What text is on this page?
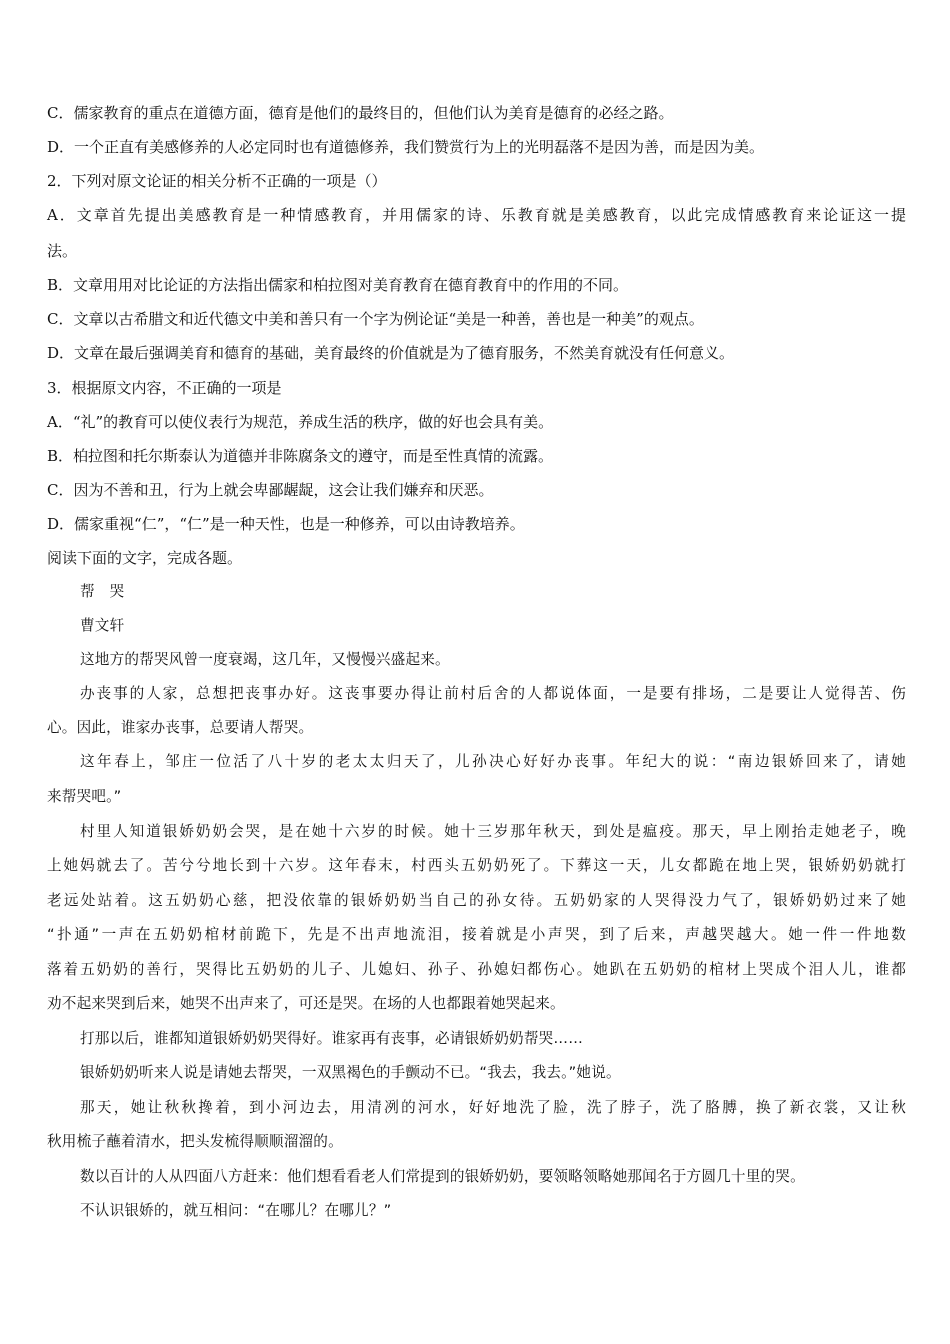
C．儒家教育的重点在道德方面，德育是他们的最终目的，但他们认为美育是德育的必经之路。
D．一个正直有美感修养的人必定同时也有道德修养，我们赞赏行为上的光明磊落不是因为善，而是因为美。
2．下列对原文论证的相关分析不正确的一项是（）
A．文章首先提出美感教育是一种情感教育，并用儒家的诗、乐教育就是美感教育，以此完成情感教育来论证这一提
法。
B．文章用用对比论证的方法指出儒家和柏拉图对美育教育在德育教育中的作用的不同。
C．文章以古希腊文和近代德文中美和善只有一个字为例论证“美是一种善，善也是一种美”的观点。
D．文章在最后强调美育和德育的基础，美育最终的价值就是为了德育服务，不然美育就没有任何意义。
3．根据原文内容，不正确的一项是
A．“礼”的教育可以使仪表行为规范，养成生活的秩序，做的好也会具有美。
B．柏拉图和托尔斯泰认为道德并非陈腐条文的遵守，而是至性真情的流露。
C．因为不善和丑，行为上就会卑鄙龌龊，这会让我们嫌弃和厌恶。
D．儒家重视“仁”，“仁”是一种天性，也是一种修养，可以由诗教培养。
阅读下面的文字，完成各题。
帮　哭
曹文轩
这地方的帮哭风曾一度衰竭，这几年，又慢慢兴盛起来。
办丧事的人家，总想把丧事办好。这丧事要办得让前村后舍的人都说体面，一是要有排场，二是要让人觉得苦、伤
心。因此，谁家办丧事，总要请人帮哭。
这年春上，邹庄一位活了八十岁的老太太归天了，儿孙决心好好办丧事。年纪大的说：“南边银娇回来了，请她
来帮哭吧。”
村里人知道银娇奶奶会哭，是在她十六岁的时候。她十三岁那年秋天，到处是瘟疫。那天，早上刚抬走她老子，晚
上她妈就去了。苦兮兮地长到十六岁。这年春末，村西头五奶奶死了。下葬这一天，儿女都跪在地上哭，银娇奶奶就打
老远处站着。这五奶奶心慈，把没依靠的银娇奶奶当自己的孙女待。五奶奶家的人哭得没力气了，银娇奶奶过来了她
“扑通”一声在五奶奶棺材前跪下，先是不出声地流泪，接着就是小声哭，到了后来，声越哭越大。她一件一件地数
落着五奶奶的善行，哭得比五奶奶的儿子、儿媳妇、孙子、孙媳妇都伤心。她趴在五奶奶的棺材上哭成个泪人儿，谁都
劝不起来哭到后来，她哭不出声来了，可还是哭。在场的人也都跟着她哭起来。
打那以后，谁都知道银娇奶奶哭得好。谁家再有丧事，必请银娇奶奶帮哭……
银娇奶奶听来人说是请她去帮哭，一双黑褐色的手颤动不已。“我去，我去。”她说。
那天，她让秋秋搀着，到小河边去，用清冽的河水，好好地洗了脸，洗了脖子，洗了胳膊，换了新衣裳，又让秋
秋用梳子蘸着清水，把头发梳得顺顺溜溜的。
数以百计的人从四面八方赶来：他们想看看老人们常提到的银娇奶奶，要领略领略她那闻名于方圆几十里的哭。
不认识银娇的，就互相问：“在哪儿？在哪儿？”
